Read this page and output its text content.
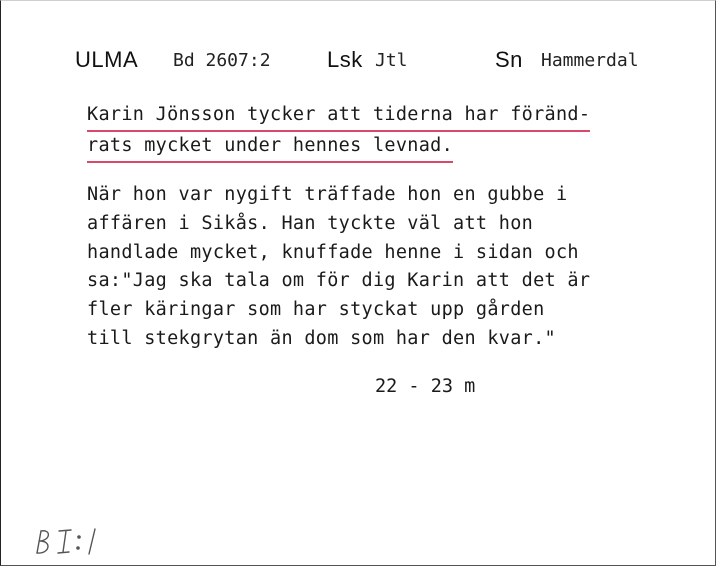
ULMA Bd 2607:2	Lsk Jtl	Sn Hammerdal
Karin Jönsson tycker att tiderna har föränd-
rats mycket under hennes levnad.
När hon var nygift träffade hon en gubbe i
affären i Sikås. Han tyckte väl att hon
handlade mycket, knuffade henne i sidan och
sa:"Jag ska tala om för dig Karin att det är
fler käringar som har styckat upp gården
till stekgrytan än dom som har den kvar."
22 - 23 m
